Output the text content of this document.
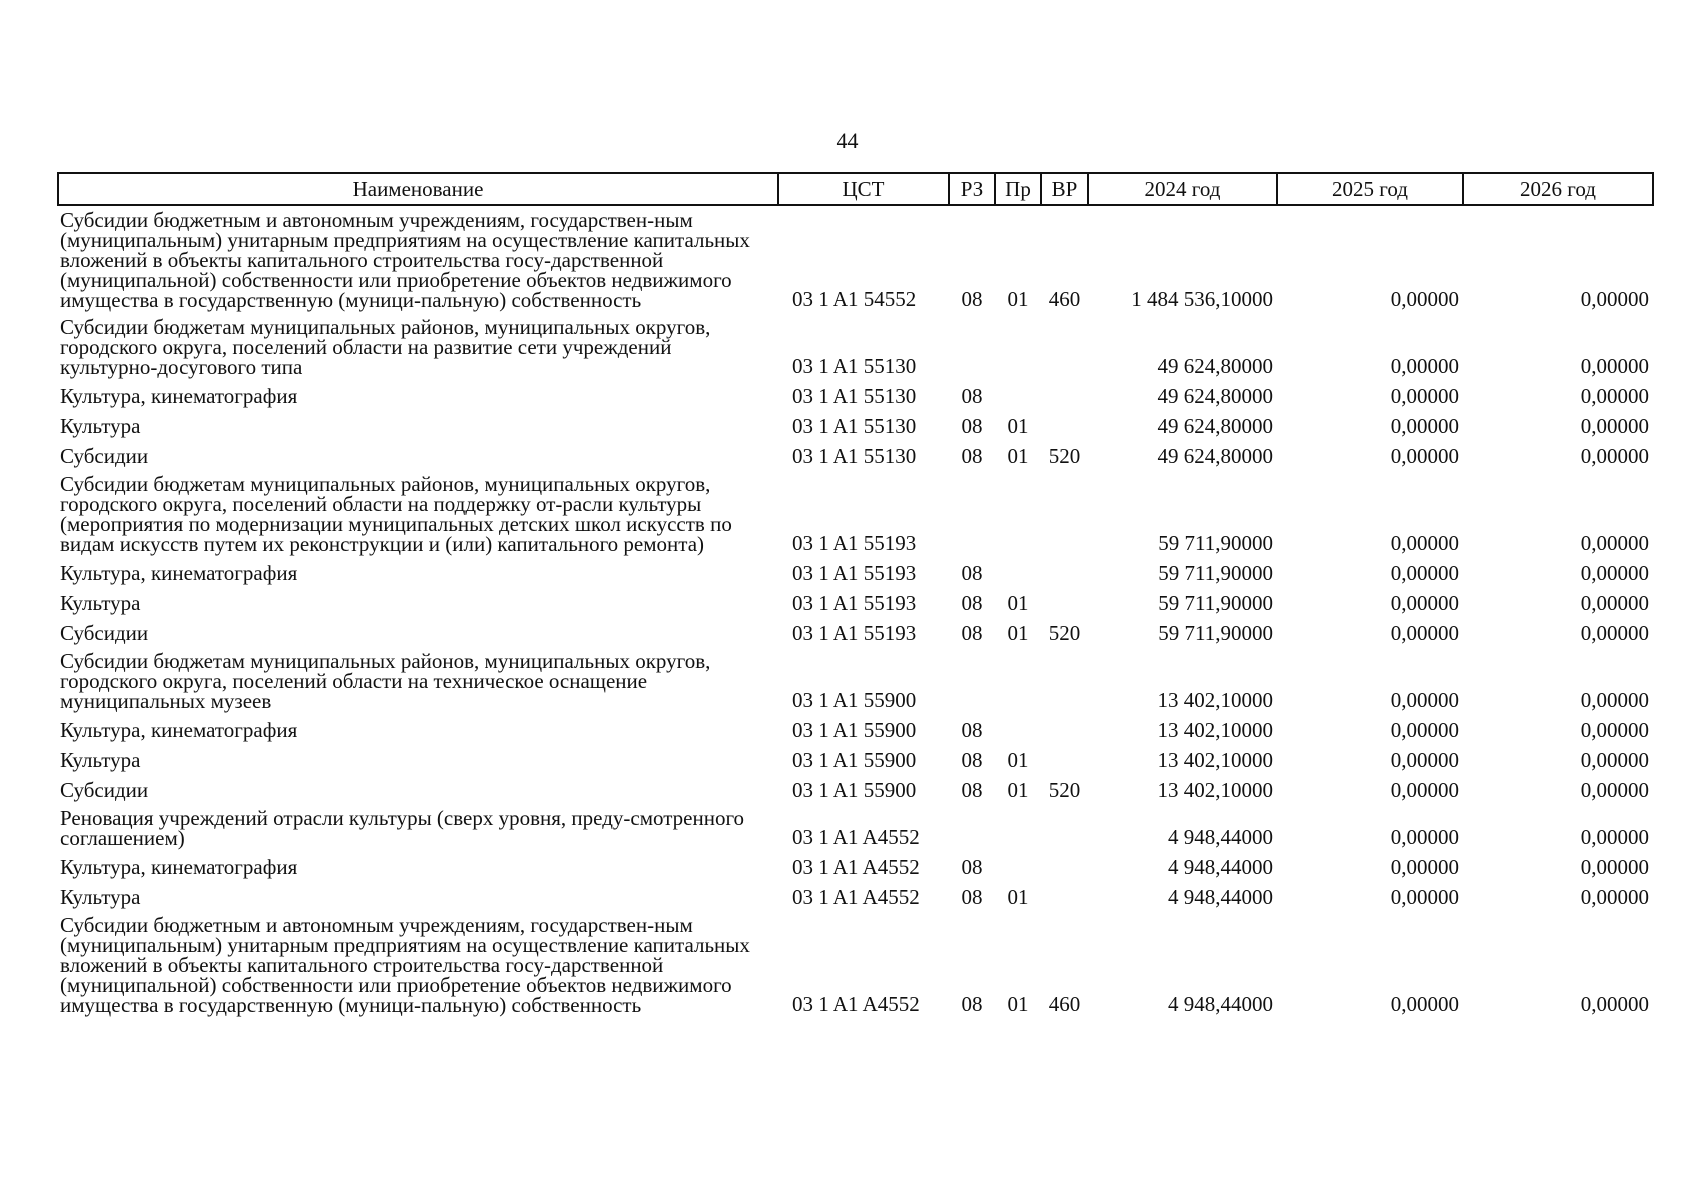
44
Наименование	ЦСТ	РЗ	Пр	ВР	2024 год	2025 год	2026 год
Субсидии бюджетным и автономным учреждениям, государствен-ным (муниципальным) унитарным предприятиям на осуществление капитальных вложений в объекты капитального строительства госу-дарственной (муниципальной) собственности или приобретение объектов недвижимого имущества в государственную (муници-пальную) собственность	03 1 A1 54552	08	01	460	1 484 536,10000	0,00000	0,00000
Субсидии бюджетам муниципальных районов, муниципальных округов, городского округа, поселений области на развитие сети учреждений культурно-досугового типа	03 1 A1 55130				49 624,80000	0,00000	0,00000
Культура, кинематография	03 1 A1 55130	08			49 624,80000	0,00000	0,00000
Культура	03 1 A1 55130	08	01		49 624,80000	0,00000	0,00000
Субсидии	03 1 A1 55130	08	01	520	49 624,80000	0,00000	0,00000
Субсидии бюджетам муниципальных районов, муниципальных округов, городского округа, поселений области на поддержку от-расли культуры (мероприятия по модернизации муниципальных детских школ искусств по видам искусств путем их реконструкции и (или) капитального ремонта)	03 1 A1 55193				59 711,90000	0,00000	0,00000
Культура, кинематография	03 1 A1 55193	08			59 711,90000	0,00000	0,00000
Культура	03 1 A1 55193	08	01		59 711,90000	0,00000	0,00000
Субсидии	03 1 A1 55193	08	01	520	59 711,90000	0,00000	0,00000
Субсидии бюджетам муниципальных районов, муниципальных округов, городского округа, поселений области на техническое оснащение муниципальных музеев	03 1 A1 55900				13 402,10000	0,00000	0,00000
Культура, кинематография	03 1 A1 55900	08			13 402,10000	0,00000	0,00000
Культура	03 1 A1 55900	08	01		13 402,10000	0,00000	0,00000
Субсидии	03 1 A1 55900	08	01	520	13 402,10000	0,00000	0,00000
Реновация учреждений отрасли культуры (сверх уровня, преду-смотренного соглашением)	03 1 A1 A4552				4 948,44000	0,00000	0,00000
Культура, кинематография	03 1 A1 A4552	08			4 948,44000	0,00000	0,00000
Культура	03 1 A1 A4552	08	01		4 948,44000	0,00000	0,00000
Субсидии бюджетным и автономным учреждениям, государствен-ным (муниципальным) унитарным предприятиям на осуществление капитальных вложений в объекты капитального строительства госу-дарственной (муниципальной) собственности или приобретение объектов недвижимого имущества в государственную (муници-пальную) собственность	03 1 A1 A4552	08	01	460	4 948,44000	0,00000	0,00000
